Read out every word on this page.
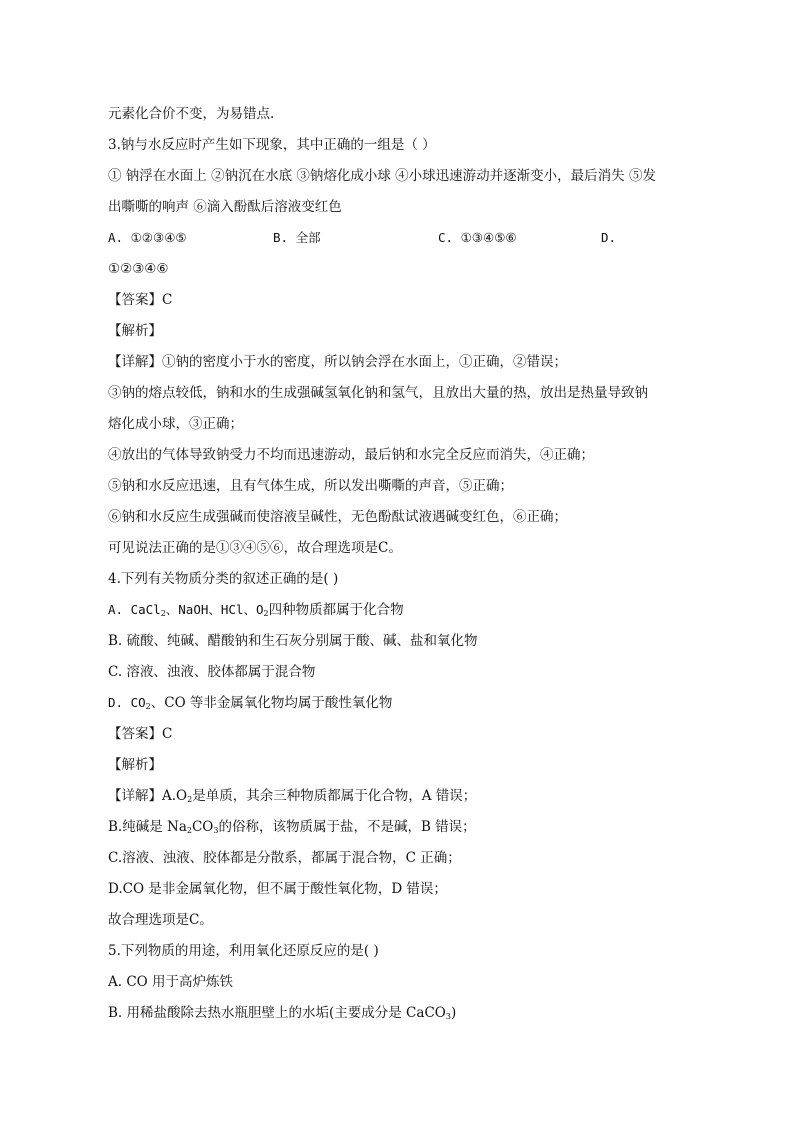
元素化合价不变，为易错点.
3.钠与水反应时产生如下现象，其中正确的一组是（ ）
① 钠浮在水面上 ②钠沉在水底 ③钠熔化成小球 ④小球迅速游动并逐渐变小，最后消失 ⑤发
出嘶嘶的响声 ⑥滴入酚酞后溶液变红色
A. ①②③④⑤	B. 全部	C. ①③④⑤⑥	D.
①②③④⑥
【答案】C
【解析】
【详解】①钠的密度小于水的密度，所以钠会浮在水面上，①正确，②错误；
③钠的熔点较低，钠和水的生成强碱氢氧化钠和氢气，且放出大量的热，放出是热量导致钠
熔化成小球，③正确；
④放出的气体导致钠受力不均而迅速游动，最后钠和水完全反应而消失，④正确；
⑤钠和水反应迅速，且有气体生成，所以发出嘶嘶的声音，⑤正确；
⑥钠和水反应生成强碱而使溶液呈碱性，无色酚酞试液遇碱变红色，⑥正确；
可见说法正确的是①③④⑤⑥，故合理选项是C。
4.下列有关物质分类的叙述正确的是( )
A. CaCl$_2$、NaOH、HCl、$O_2$四种物质都属于化合物
B. 硫酸、纯碱、醋酸钠和生石灰分别属于酸、碱、盐和氧化物
C. 溶液、浊液、胶体都属于混合物
D. $CO_2$、CO 等非金属氧化物均属于酸性氧化物
【答案】C
【解析】
【详解】$A.O_2$是单质，其余三种物质都属于化合物，A 错误；
B.纯碱是 $Na_2CO_3$的俗称，该物质属于盐，不是碱，B 错误；
C.溶液、浊液、胶体都是分散系，都属于混合物，C 正确；
D.CO 是非金属氧化物，但不属于酸性氧化物，D 错误；
故合理选项是C。
5.下列物质的用途，利用氧化还原反应的是( )
A. CO 用于高炉炼铁
B. 用稀盐酸除去热水瓶胆壁上的水垢(主要成分是 CaCO$_3$)
